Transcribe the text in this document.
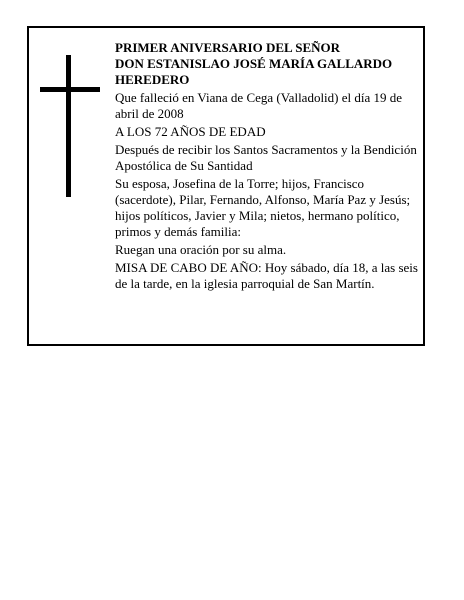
PRIMER ANIVERSARIO DEL SEÑOR

DON ESTANISLAO JOSÉ MARÍA GALLARDO HEREDERO

Que falleció en Viana de Cega (Valladolid) el día 19 de abril de 2008

A LOS 72 AÑOS DE EDAD

Después de recibir los Santos Sacramentos y la Bendición Apostólica de Su Santidad

Su esposa, Josefina de la Torre; hijos, Francisco (sacerdote), Pilar, Fernando, Alfonso, María Paz y Jesús; hijos políticos, Javier y Mila; nietos, hermano político, primos y demás familia:

Ruegan una oración por su alma.

MISA DE CABO DE AÑO: Hoy sábado, día 18, a las seis de la tarde, en la iglesia parroquial de San Martín.
